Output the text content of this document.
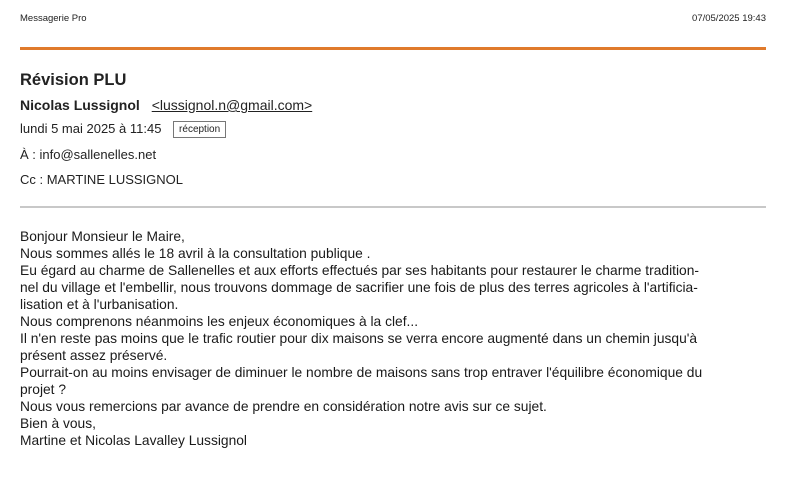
Messagerie Pro	07/05/2025 19:43
Révision PLU
Nicolas Lussignol <lussignol.n@gmail.com>
lundi 5 mai 2025 à 11:45 réception
À : info@sallenelles.net
Cc : MARTINE LUSSIGNOL
Bonjour Monsieur le Maire,
Nous sommes allés le 18 avril à la consultation publique .
Eu égard au charme de Sallenelles et aux efforts effectués par ses habitants pour restaurer le charme tradition-
nel du village et l'embellir, nous trouvons dommage de sacrifier une fois de plus des terres agricoles à l'artificia-
lisation et à l'urbanisation.
Nous comprenons néanmoins les enjeux économiques à la clef...
Il n'en reste pas moins que le trafic routier pour dix maisons se verra encore augmenté dans un chemin jusqu'à
présent assez préservé.
Pourrait-on au moins envisager de diminuer le nombre de maisons sans trop entraver l'équilibre économique du
projet ?
Nous vous remercions par avance de prendre en considération notre avis sur ce sujet.
Bien à vous,
Martine et Nicolas Lavalley Lussignol
